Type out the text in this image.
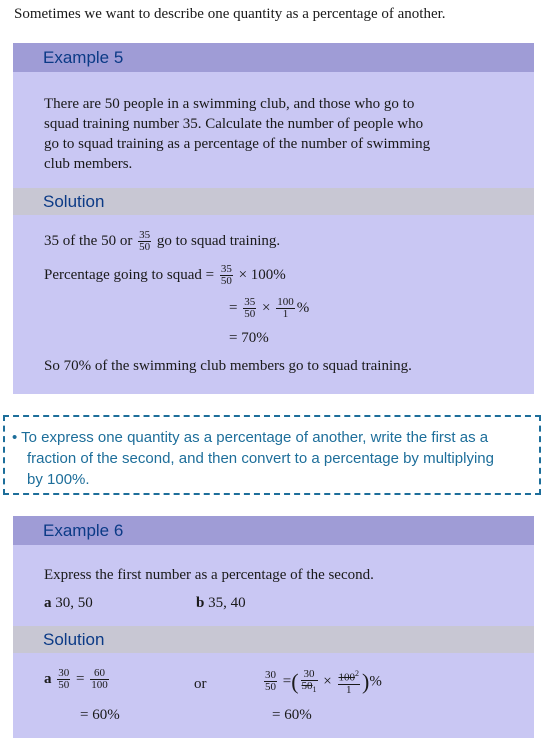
Sometimes we want to describe one quantity as a percentage of another.
Example 5
There are 50 people in a swimming club, and those who go to
squad training number 35. Calculate the number of people who
go to squad training as a percentage of the number of swimming
club members.
Solution
35 of the 50 or $\frac{35}{50}$ go to squad training.
Percentage going to squad = $\frac{35}{50} \times 100\%$
= $\frac{35}{50} \times \frac{100}{1}$ %
= 70%
So 70% of the swimming club members go to squad training.
• To express one quantity as a percentage of another, write the first as a
fraction of the second, and then convert to a percentage by multiplying
by 100%.
Example 6
Express the first number as a percentage of the second.
a 30, 50	b 35, 40
Solution
a $\frac{30}{50} = \frac{60}{100}$
= 60%
or	$\frac{30}{50}$ =( $\frac{30}{50_1} \times \frac{100^2}{1}$ )%
= 60%
